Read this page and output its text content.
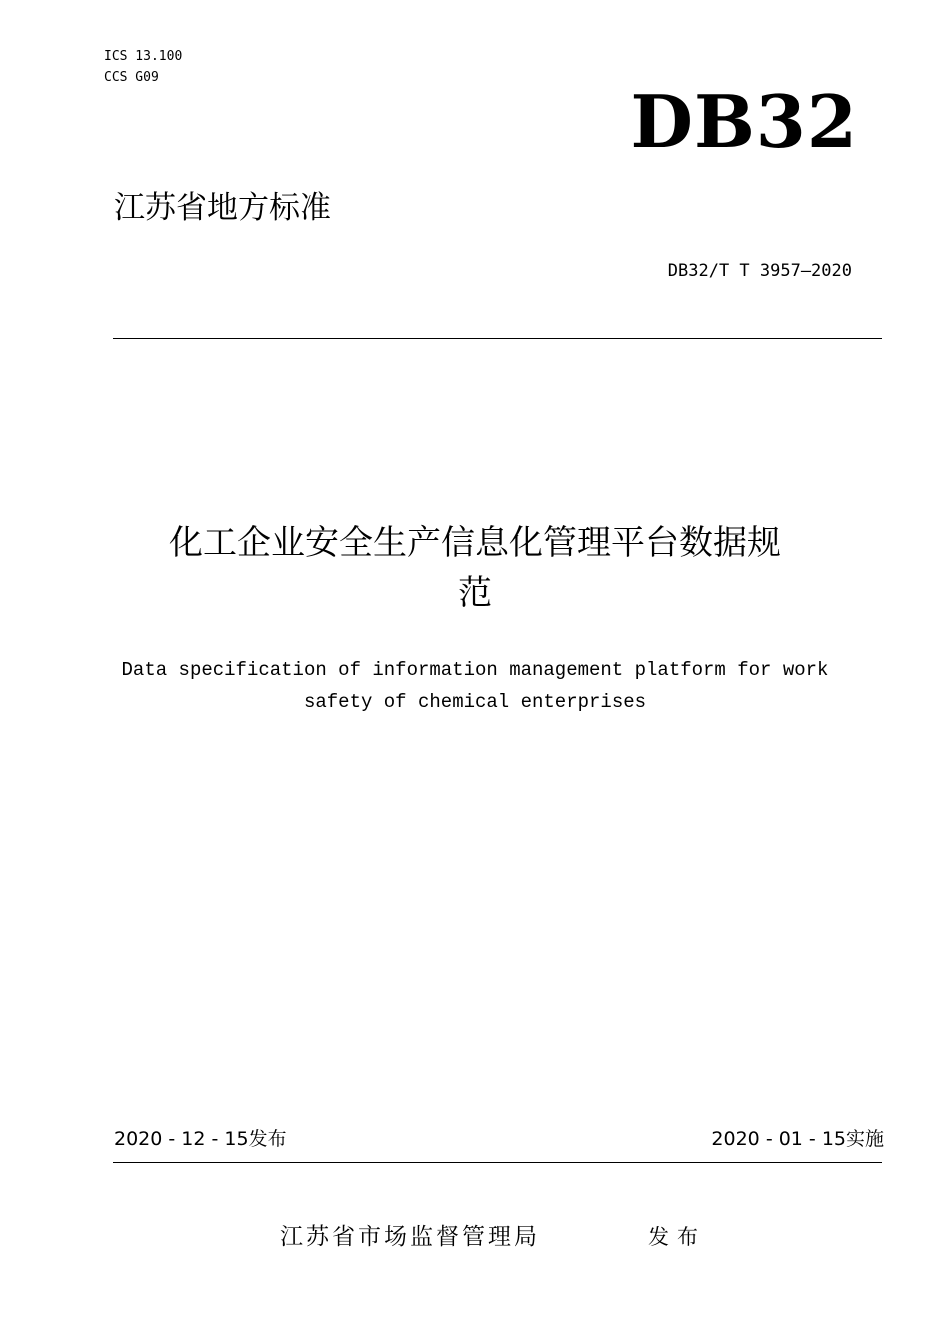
ICS 13.100
CCS G09
DB32
江苏省地方标准
DB32/T T 3957—2020
化工企业安全生产信息化管理平台数据规
范
Data specification of information management platform for work
safety of chemical enterprises
2020 - 12 - 15发布	2020 - 01 - 15实施
江苏省市场监督管理局	发布
